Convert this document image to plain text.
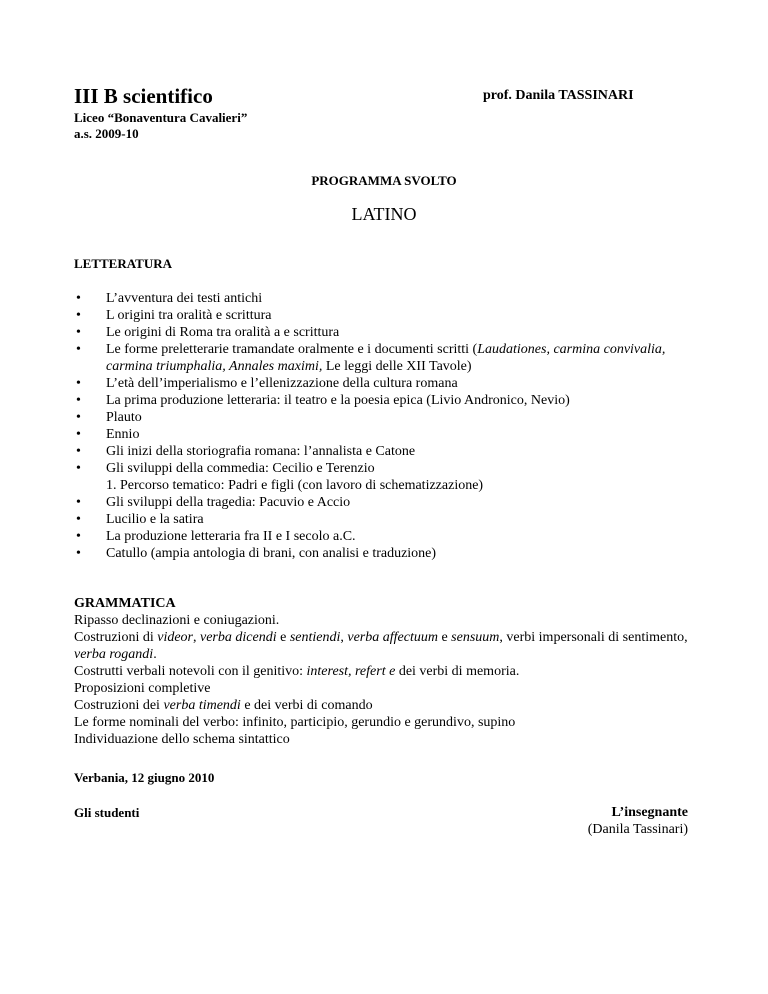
III B scientifico	prof. Danila TASSINARI
Liceo “Bonaventura Cavalieri”
a.s. 2009-10
PROGRAMMA SVOLTO
LATINO
LETTERATURA
• L’avventura dei testi antichi
• L origini tra oralità e scrittura
• Le origini di Roma tra oralità a e scrittura
• Le forme preletterarie tramandate oralmente e i documenti scritti (Laudationes, carmina convivalia, carmina triumphalia, Annales maximi, Le leggi delle XII Tavole)
• L’età dell’imperialismo e l’ellenizzazione della cultura romana
• La prima produzione letteraria: il teatro e la poesia epica (Livio Andronico, Nevio)
• Plauto
• Ennio
• Gli inizi della storiografia romana: l’annalista e Catone
• Gli sviluppi della commedia: Cecilio e Terenzio
1. Percorso tematico: Padri e figli (con lavoro di schematizzazione)
• Gli sviluppi della tragedia: Pacuvio e Accio
• Lucilio e la satira
• La produzione letteraria fra II e I secolo a.C.
• Catullo (ampia antologia di brani, con analisi e traduzione)
GRAMMATICA
Ripasso declinazioni e coniugazioni.
Costruzioni di videor, verba dicendi e sentiendi, verba affectuum e sensuum, verbi impersonali di sentimento, verba rogandi.
Costrutti verbali notevoli con il genitivo: interest, refert e dei verbi di memoria.
Proposizioni completive
Costruzioni dei verba timendi e dei verbi di comando
Le forme nominali del verbo: infinito, participio, gerundio e gerundivo, supino
Individuazione dello schema sintattico
Verbania, 12 giugno 2010
Gli studenti	L’insegnante
(Danila Tassinari)
